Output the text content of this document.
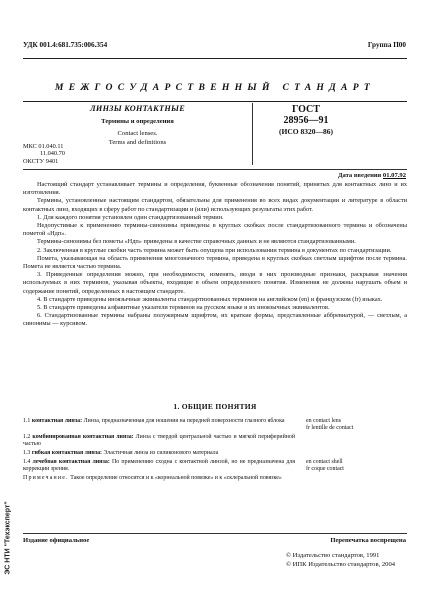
УДК 001.4:681.735:006.354	Группа П00
МЕЖГОСУДАРСТВЕННЫЙ СТАНДАРТ
ЛИНЗЫ КОНТАКТНЫЕ
Термины и определения
Contact lenses.
Terms and definitions
ГОСТ
28956—91
(ИСО 8320—86)
МКС 01.040.11
11.040.70
ОКСТУ 9401
Дата введения 01.07.92

Настоящий стандарт устанавливает термины и определения, буквенные обозначения понятий, принятых для контактных линз и их изготовления.

Термины, установленные настоящим стандартом, обязательны для применения во всех видах документации и литературе в области контактных линз, входящих в сферу работ по стандартизации и (или) использующих результаты этих работ.

1. Для каждого понятия установлен один стандартизованный термин.

Недопустимые к применению термины-синонимы приведены в круглых скобках после стандартизованного термина и обозначены пометой «Ндп».

Термины-синонимы без пометы «Ндп» приведены в качестве справочных данных и не являются стандартизованными.

2. Заключенная в круглые скобки часть термина может быть опущена при использовании термина в документах по стандартизации.

Помета, указывающая на область применения многозначного термина, приведена в круглых скобках светлым шрифтом после термина. Помета не является частью термина.

3. Приведенные определения можно, при необходимости, изменять, вводя в них производные признаки, раскрывая значения используемых в них терминов, указывая объекты, входящие в объем определенного понятия. Изменения не должны нарушать объем и содержание понятий, определенных в настоящем стандарте.

4. В стандарте приведены иноязычные эквиваленты стандартизованных терминов на английском (en) и французском (fr) языках.

5. В стандарте приведены алфавитные указатели терминов на русском языке и их иноязычных эквивалентов.

6. Стандартизованные термины набраны полужирным шрифтом, их краткие формы, представленные аббревиатурой, — светлым, а синонимы — курсивом.

1. ОБЩИЕ ПОНЯТИЯ
1.1 контактная линза: Линза, предназначенная для ношения на передней поверхности глазного яблока	en contact lens
fr lentille de contact
1.2 комбинированная контактная линза: Линза с твердой центральной частью и мягкой периферийной частью
1.3 гибкая контактная линза: Эластичная линза из силиконового материала
1.4 лечебная контактная линза: По применению сходна с контактной линзой, но не предназначена для коррекции зрения.
en contact shell
fr coque contact
Примечание. Такое определение относится и к «корнеальной повязке» и к «склеральной повязке»
Издание официальное	Перепечатка воспрещена
© Издательство стандартов, 1991
© ИПК Издательство стандартов, 2004
ЭС НТИ "Техэксперт"
